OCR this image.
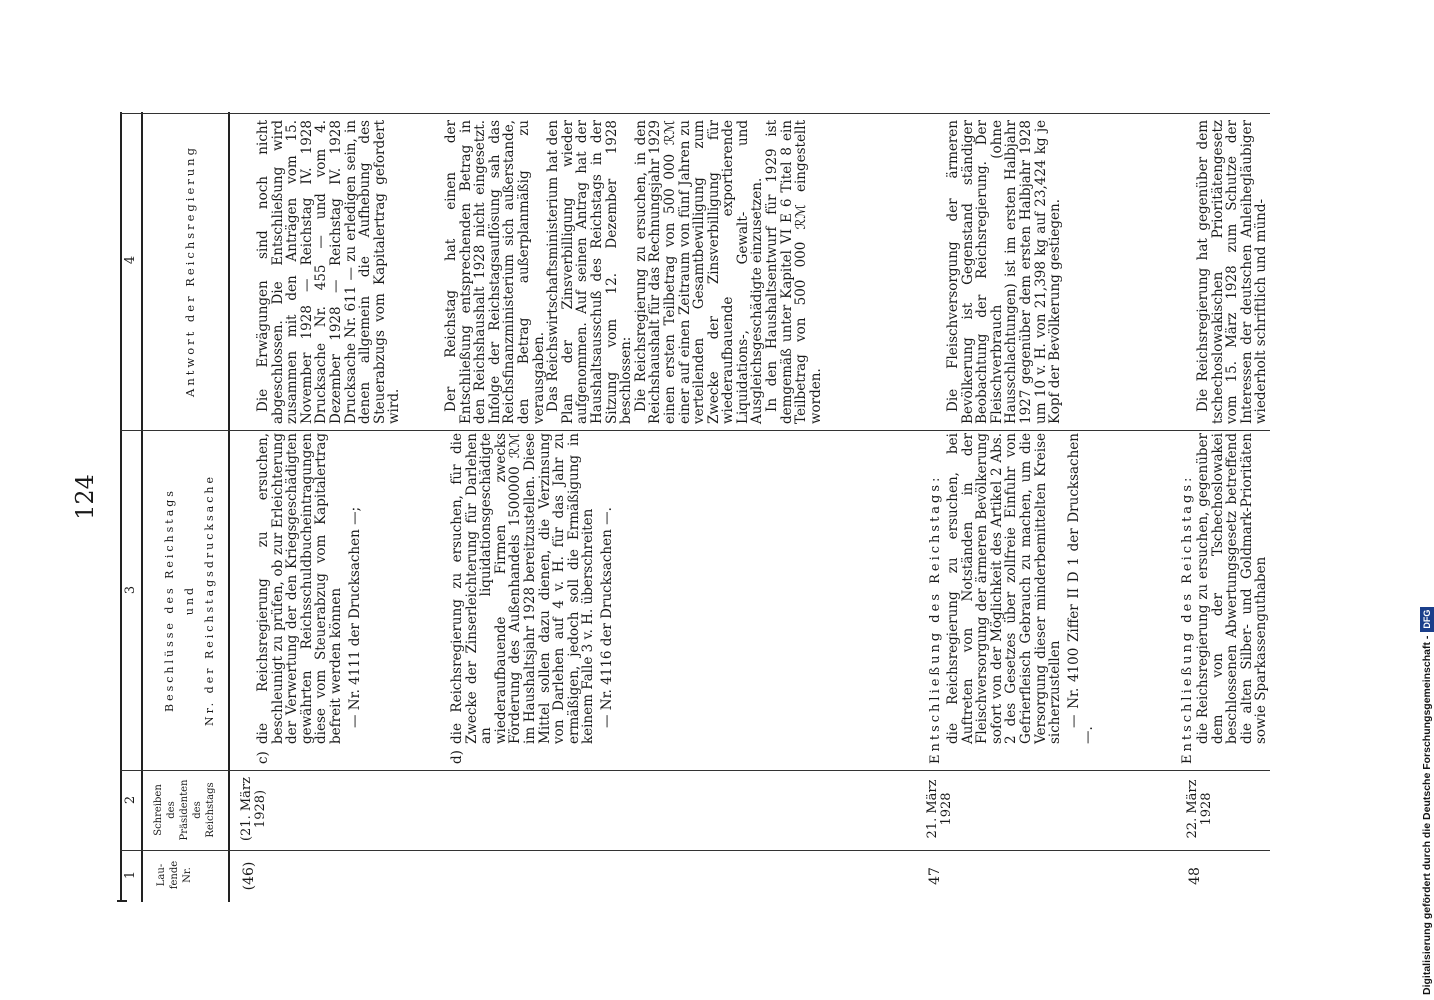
124
Digitalisierung gefördert durch die Deutsche Forschungsgemeinschaft -
DFG
1
2
3
4
Lau- fende Nr.
Schreiben des Präsidenten des Reichstags
Beschlüsse des Reichstags und Nr. der Reichstagsdrucksache
Antwort der Reichsregierung
(46)
(21. März 1928)
c)

die Reichsregierung zu ersuchen, beschleunigt zu prüfen, ob zur Erleichterung der Verwertung der den Kriegsgeschädigten gewährten Reichsschuldbucheintragungen diese vom Steuerabzug vom Kapitalertrag befreit werden können — Nr. 4111 der Drucksachen —;

d)

die Reichsregierung zu ersuchen, für die Zwecke der Zinserleichterung für Darlehen an liquidationsgeschädigte wiederaufbauende Firmen zwecks Förderung des Außenhandels 1500000 ℛℳ im Haushaltsjahr 1928 bereitzustellen. Diese Mittel sollen dazu dienen, die Verzinsung von Darlehen auf 4 v. H. für das Jahr zu ermäßigen, jedoch soll die Ermäßigung in keinem Falle 3 v. H. überschreiten — Nr. 4116 der Drucksachen —.

Die Erwägungen sind noch nicht abgeschlossen. Die Entschließung wird zusammen mit den Anträgen vom 15. November 1928 — Reichstag IV. 1928 Drucksache Nr. 455 — und vom 4. Dezember 1928 — Reichstag IV. 1928 Drucksache Nr. 611 — zu erledigen sein, in denen allgemein die Aufhebung des Steuerabzugs vom Kapitalertrag gefordert wird.	Der Reichstag hat einen der Entschließung entsprechenden Betrag in den Reichshaushalt 1928 nicht eingesetzt. Infolge der Reichstagsauflösung sah das Reichsfinanzministerium sich außerstande, den Betrag außerplanmäßig zu verausgaben.

Das Reichswirtschaftsministerium hat den Plan der Zinsverbilligung wieder aufgenommen. Auf seinen Antrag hat der Haushaltsausschuß des Reichstags in der Sitzung vom 12. Dezember 1928 beschlossen:

Die Reichsregierung zu ersuchen, in den Reichshaushalt für das Rechnungsjahr 1929 einen ersten Teilbetrag von 500 000 ℛℳ einer auf einen Zeitraum von fünf Jahren zu verteilenden Gesamtbewilligung zum Zwecke der Zinsverbilligung für wiederaufbauende exportierende Liquidations-, Gewalt- und Ausgleichsgeschädigte einzusetzen.

In den Haushaltsentwurf für 1929 ist demgemäß unter Kapitel VI E 6 Titel 8 ein Teilbetrag von 500 000 ℛℳ eingestellt worden.

47
21. März 1928
Entschließung des Reichstags: die Reichsregierung zu ersuchen, bei Auftreten von Notständen in der Fleischversorgung der ärmeren Bevölkerung sofort von der Möglichkeit des Artikel 2 Abs. 2 des Gesetzes über zollfreie Einfuhr von Gefrierfleisch Gebrauch zu machen, um die Versorgung dieser minderbemittelten Kreise sicherzustellen — Nr. 4100 Ziffer II D 1 der Drucksachen —.

Die Fleischversorgung der ärmeren Bevölkerung ist Gegenstand ständiger Beobachtung der Reichsregierung. Der Fleischverbrauch (ohne Hausschlachtungen) ist im ersten Halbjahr 1927 gegenüber dem ersten Halbjahr 1928 um 10 v. H. von 21,398 kg auf 23,424 kg je Kopf der Bevölkerung gestiegen.

48
22. März 1928
Entschließung des Reichstags: die Reichsregierung zu ersuchen, gegenüber dem von der Tschechoslowakei beschlossenen Abwertungsgesetz betreffend die alten Silber- und Goldmark-Prioritäten sowie Sparkassenguthaben

Die Reichsregierung hat gegenüber dem tschechoslowakischen Prioritätengesetz vom 15. März 1928 zum Schutze der Interessen der deutschen Anleihegläubiger wiederholt schriftlich und münd-
